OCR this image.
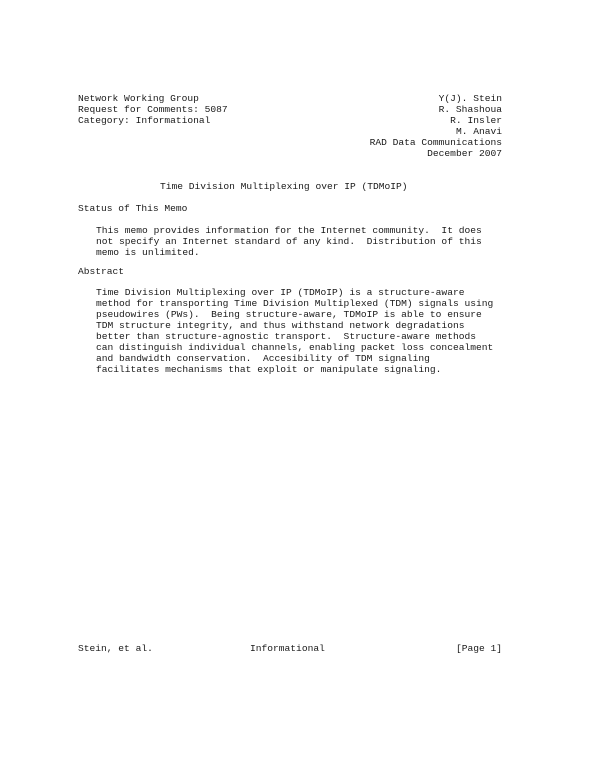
Network Working Group
Request for Comments: 5087
Category: Informational
Y(J). Stein
R. Shashoua
R. Insler
M. Anavi
RAD Data Communications
December 2007
Time Division Multiplexing over IP (TDMoIP)
Status of This Memo
This memo provides information for the Internet community.  It does
not specify an Internet standard of any kind.  Distribution of this
memo is unlimited.
Abstract
Time Division Multiplexing over IP (TDMoIP) is a structure-aware
method for transporting Time Division Multiplexed (TDM) signals using
pseudowires (PWs).  Being structure-aware, TDMoIP is able to ensure
TDM structure integrity, and thus withstand network degradations
better than structure-agnostic transport.  Structure-aware methods
can distinguish individual channels, enabling packet loss concealment
and bandwidth conservation.  Accesibility of TDM signaling
facilitates mechanisms that exploit or manipulate signaling.
Stein, et al.	Informational	[Page 1]
